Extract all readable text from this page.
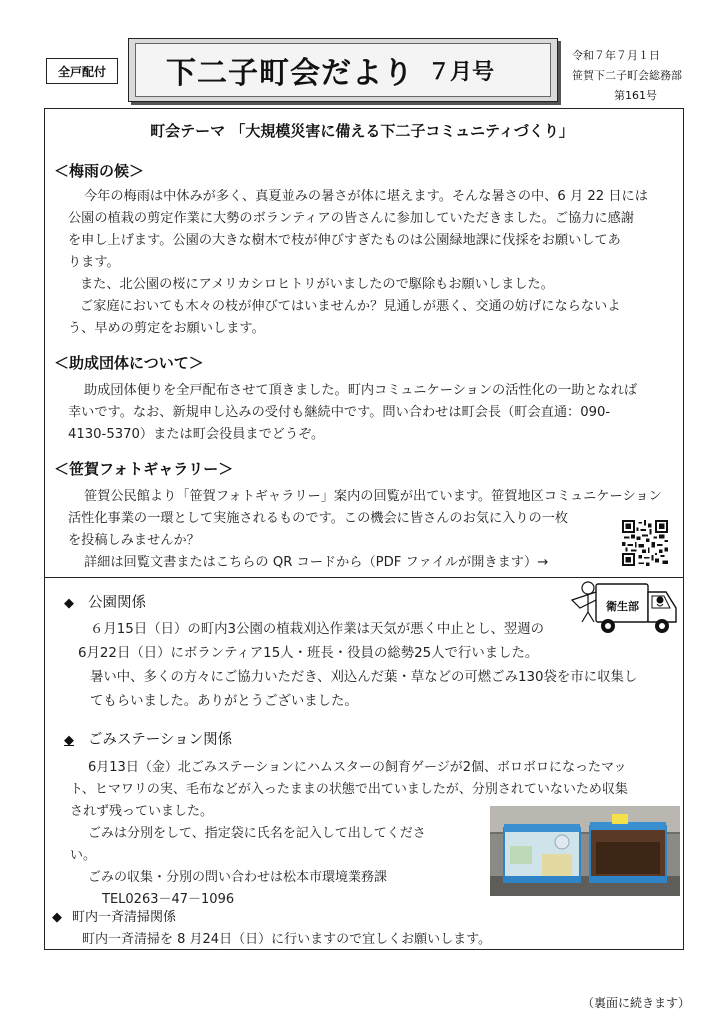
全戸配付	下二子町会だより ７月号
令和７年７月１日
笹賀下二子町会総務部
第161号
町会テーマ 「大規模災害に備える下二子コミュニティづくり」
＜梅雨の候＞

今年の梅雨は中休みが多く、真夏並みの暑さが体に堪えます。そんな暑さの中、6 月 22 日には

公園の植栽の剪定作業に大勢のボランティアの皆さんに参加していただきました。ご協力に感謝

を申し上げます。公園の大きな樹木で枝が伸びすぎたものは公園緑地課に伐採をお願いしてあ

ります。

また、北公園の桜にアメリカシロヒトリがいましたので駆除もお願いしました。

ご家庭においても木々の枝が伸びてはいませんか？見通しが悪く、交通の妨げにならないよ

う、早めの剪定をお願いします。

＜助成団体について＞

助成団体便りを全戸配布させて頂きました。町内コミュニケーションの活性化の一助となれば

幸いです。なお、新規申し込みの受付も継続中です。問い合わせは町会長（町会直通：090-

4130-5370）または町会役員までどうぞ。

＜笹賀フォトギャラリー＞

笹賀公民館より「笹賀フォトギャラリー」案内の回覧が出ています。笹賀地区コミュニケーション

活性化事業の一環として実施されるものです。この機会に皆さんのお気に入りの一枚

を投稿しみませんか？

詳細は回覧文書またはこちらの QR コードから（PDF ファイルが開きます）→

◆ 公園関係	衛生部

６月15日（日）の町内3公園の植栽刈込作業は天気が悪く中止とし、翌週の

6月22日（日）にボランティア15人・班長・役員の総勢25人で行いました。

暑い中、多くの方々にご協力いただき、刈込んだ葉・草などの可燃ごみ130袋を市に収集し

てもらいました。ありがとうございました。

◆ ごみステーション関係

6月13日（金）北ごみステーションにハムスターの飼育ゲージが2個、ボロボロになったマッ

ト、ヒマワリの実、毛布などが入ったままの状態で出ていましたが、分別されていないため収集

されず残っていました。

ごみは分別をして、指定袋に氏名を記入して出してくださ

い。

ごみの収集・分別の問い合わせは松本市環境業務課

TEL0263－47－1096

◆ 町内一斉清掃関係

町内一斉清掃を 8 月24日（日）に行いますので宜しくお願いします。

（裏面に続きます）
